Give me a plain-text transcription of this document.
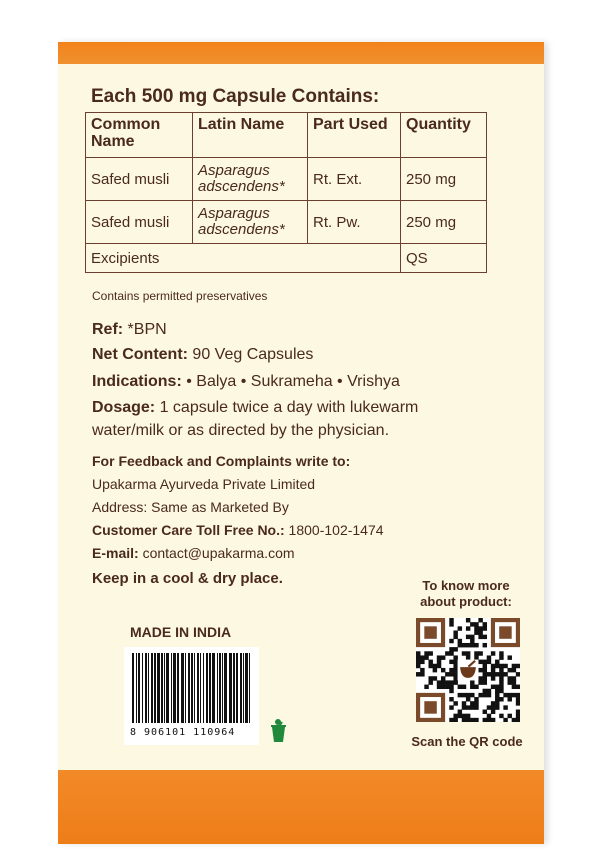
Each 500 mg Capsule Contains:
Common Name	Latin Name	Part Used	Quantity
Safed musli	Asparagus adscendens*	Rt. Ext.	250 mg
Safed musli	Asparagus adscendens*	Rt. Pw.	250 mg
Excipients			QS
Contains permitted preservatives
Ref: *BPN
Net Content: 90 Veg Capsules
Indications: • Balya • Sukrameha • Vrishya
Dosage: 1 capsule twice a day with lukewarm
water/milk or as directed by the physician.
For Feedback and Complaints write to:
Upakarma Ayurveda Private Limited
Address: Same as Marketed By
Customer Care Toll Free No.: 1800-102-1474
E-mail: contact@upakarma.com
Keep in a cool & dry place.
MADE IN INDIA
8 906101 110964
To know more
about product:
Scan the QR code
